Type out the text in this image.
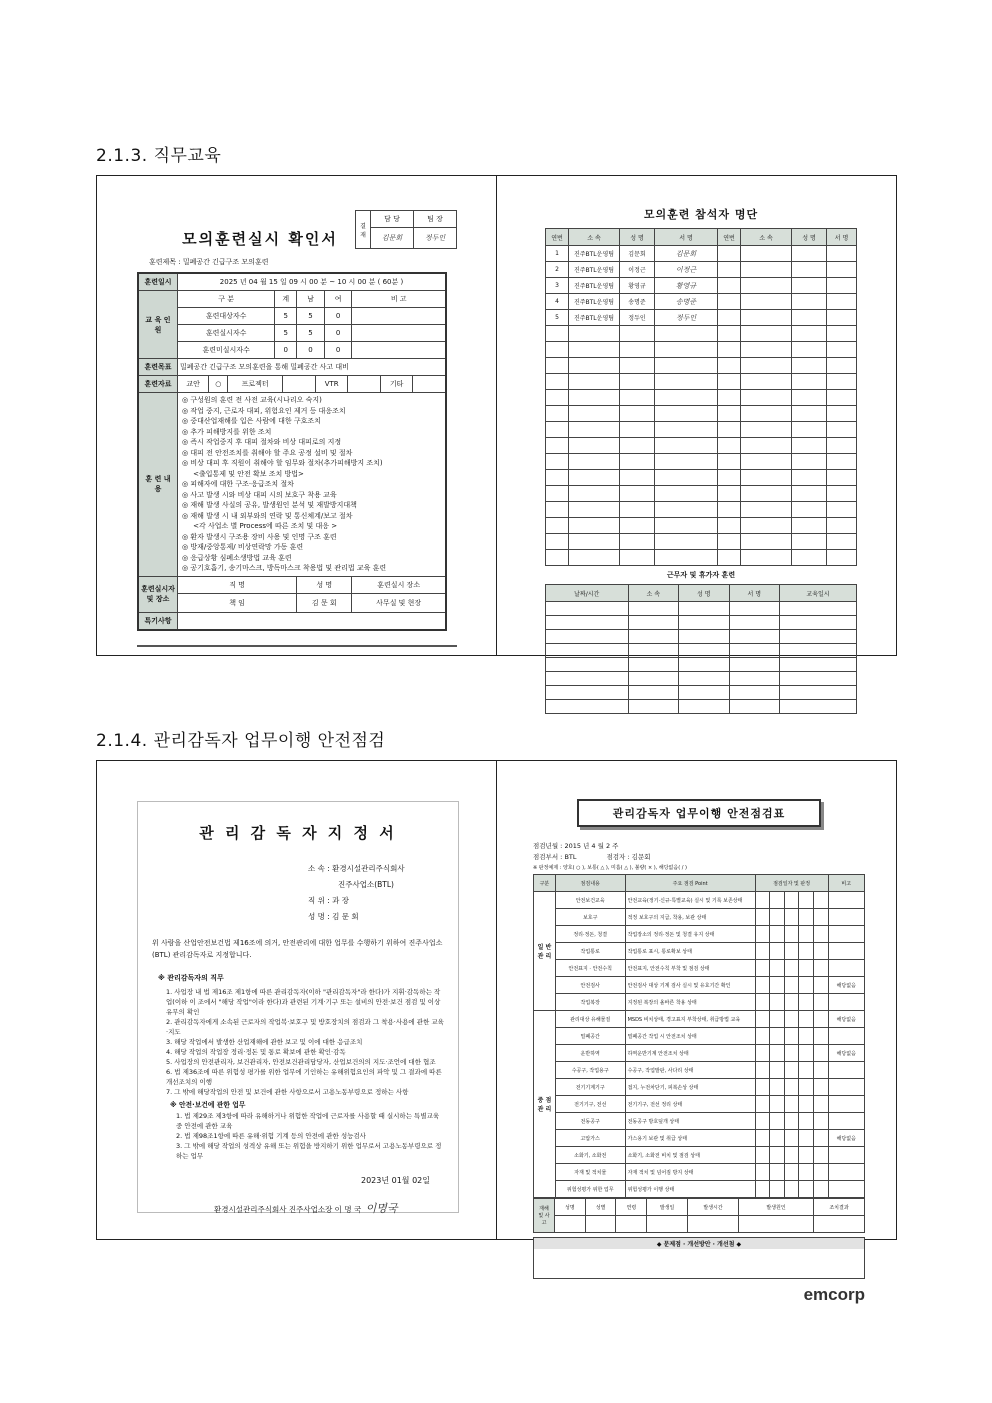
2.1.3. 직무교육
모의훈련실시 확인서
결 재	담 당	팀 장
	김문회	정두인
훈련제목 : 밀폐공간 긴급구조 모의훈련
훈련일시	2025 년 04 월 15 일 09 시 00 분 ~ 10 시 00 분 ( 60분 )
교 육 인 원	구 분	계	남	여	비 고
훈련대상자수	5	5	0	
훈련실시자수	5	5	0	
훈련미실시자수	0	0	0	
훈련목표	밀폐공간 긴급구조 모의훈련을 통해 밀폐공간 사고 대비
훈련자료	교안	○	프로젝터		VTR		기타	

훈 련 내 용	
◎ 구성원의 훈련 전 사전 교육(시나리오 숙지)
◎ 작업 중지, 근로자 대피, 위험요인 제거 등 대응조치
◎ 중대산업재해를 입은 사람에 대한 구호조치
◎ 추가 피해방지를 위한 조치
◎ 즉시 작업중지 후 대피 절차와 비상 대피로의 지정
◎ 대피 전 안전조치를 취해야 할 주요 공정 설비 및 절차
◎ 비상 대피 후 직원이 취해야 할 임무와 절차(추가피해방지 조치)
<출입통제 및 안전 확보 조치 방법>
◎ 피해자에 대한 구조·응급조치 절차
◎ 사고 발생 시와 비상 대피 시의 보호구 착용 교육
◎ 재해 발생 사실의 공유, 발생원인 분석 및 재발방지대책
◎ 재해 발생 시 내 외부와의 연락 및 통신체계/보고 절차
<각 사업소 별 Process에 따른 조치 및 대응 >
◎ 환자 발생시 구조용 장비 사용 및 인명 구조 훈련
◎ 방재/중앙통제/ 비상연락망 가동 훈련
◎ 응급상황 심폐소생방법 교육 훈련
◎ 공기호흡기, 송기마스크, 방독마스크 착용법 및 관리법 교육 훈련

훈련실시자 및 장소	직 명	성 명	훈련실시 장소
책 임	김 문 회	사무실 및 현장
특기사항	
모의훈련 참석자 명단
연번	소 속	성 명	서 명	연번	소 속	성 명	서 명
1	진주BTL운영팀	김문회	김문회				
2	진주BTL운영팀	이정근	이정근				
3	진주BTL운영팀	황영규	황영규				
4	진주BTL운영팀	송명준	송명준				
5	진주BTL운영팀	정두인	정두인				

근무자 및 휴가자 훈련
날짜/시간	소 속	성 명	서 명	교육일시

2.1.4. 관리감독자 업무이행 안전점검
관 리 감 독 자 지 정 서
소 속 : 환경시설관리주식회사
진주사업소(BTL)
직 위 : 과 장
성 명 : 김 문 회
위 사람을 산업안전보건법 제16조에 의거, 안전관리에 대한 업무를 수행하기 위하여 진주사업소(BTL) 관리감독자로 지정합니다.
※ 관리감독자의 직무
1. 사업장 내 법 제16조 제1항에 따른 관리감독자(이하 "관리감독자"라 한다)가 지휘·감독하는 작업(이하 이 조에서 "해당 작업"이라 한다)과 관련된 기계·기구 또는 설비의 안전·보건 점검 및 이상 유무의 확인
2. 관리감독자에게 소속된 근로자의 작업복·보호구 및 방호장치의 점검과 그 착용·사용에 관한 교육·지도
3. 해당 작업에서 발생한 산업재해에 관한 보고 및 이에 대한 응급조치
4. 해당 작업의 작업장 정리·정돈 및 통로 확보에 관한 확인·감독
5. 사업장의 안전관리자, 보건관리자, 안전보건관리담당자, 산업보건의의 지도·조언에 대한 협조
6. 법 제36조에 따른 위험성 평가를 위한 업무에 기인하는 유해위험요인의 파악 및 그 결과에 따른 개선조치의 이행
7. 그 밖에 해당작업의 안전 및 보건에 관한 사항으로서 고용노동부령으로 정하는 사항
※ 안전·보건에 관한 업무
1. 법 제29조 제3항에 따라 유해하거나 위험한 작업에 근로자를 사용할 때 실시하는 특별교육 중 안전에 관한 교육
2. 법 제98조1항에 따른 유해·위험 기계 등의 안전에 관한 성능검사
3. 그 밖에 해당 작업의 성격상 유해 또는 위험을 방지하기 위한 업무로서 고용노동부령으로 정하는 업무
2023년 01월 02일
환경시설관리주식회사 진주사업소장 이 명 국 이명국
관리감독자 업무이행 안전점검표
점검년월 : 2015 년 4 월 2 주
점검부서 : BTL	점검자 : 김문회
※ 판정예제 : 양호( ○ ), 보통( △ ), 미흡( △ ), 불량( × ), 해당없음( / )
구분	점검내용	주요 점검 Point	점검일자 및 판정					비고
일 반 관 리	안전보건교육	안전교육(정기·신규·특별교육) 실시 및 기록 보존상태						
	보호구	적정 보호구의 지급, 착용, 보관 상태						
	정리·정돈, 청결	작업장소의 정리·정돈 및 청결 유지 상태						
	작업통로	작업통로 표시, 통로확보 상태						
	안전표지 · 안전수칙	안전표지, 안전수칙 부착 및 점검 상태						
	안전검사	안전검사 대상 기계 검사 실시 및 유효기간 확인						해당없음
	작업복장	지정된 복장의 올바른 착용 상태						
중 점 관 리	관리대상 유해물질	MSDS 비치상태, 경고표지 부착상태, 취급방법 교육						해당없음
	밀폐공간	밀폐공간 작업 시 안전조치 상태						
	운반하역	하역운반기계 안전조치 상태						해당없음
	수공구, 작업용구	수공구, 작업발판, 사다리 상태						
	전기기계기구	접지, 누전차단기, 피복손상 상태						
	전기기구, 전선	전기기구, 전선 정리 상태						
	전동공구	전동공구 방호덮개 상태						
	고압가스	가스용기 보관 및 취급 상태						해당없음
	소화기, 소화전	소화기, 소화전 비치 및 점검 상태						
	자재 및 적치물	자재 적치 및 넘어짐 방지 상태						
	위험성평가 위한 업무	위험성평가 이행 상태						
재해 및 사고	성명	성별	연령	발생일	발생시간	발생원인	조치결과

◆ 문제점 · 개선방안 · 개선첨 ◆
emcorp
